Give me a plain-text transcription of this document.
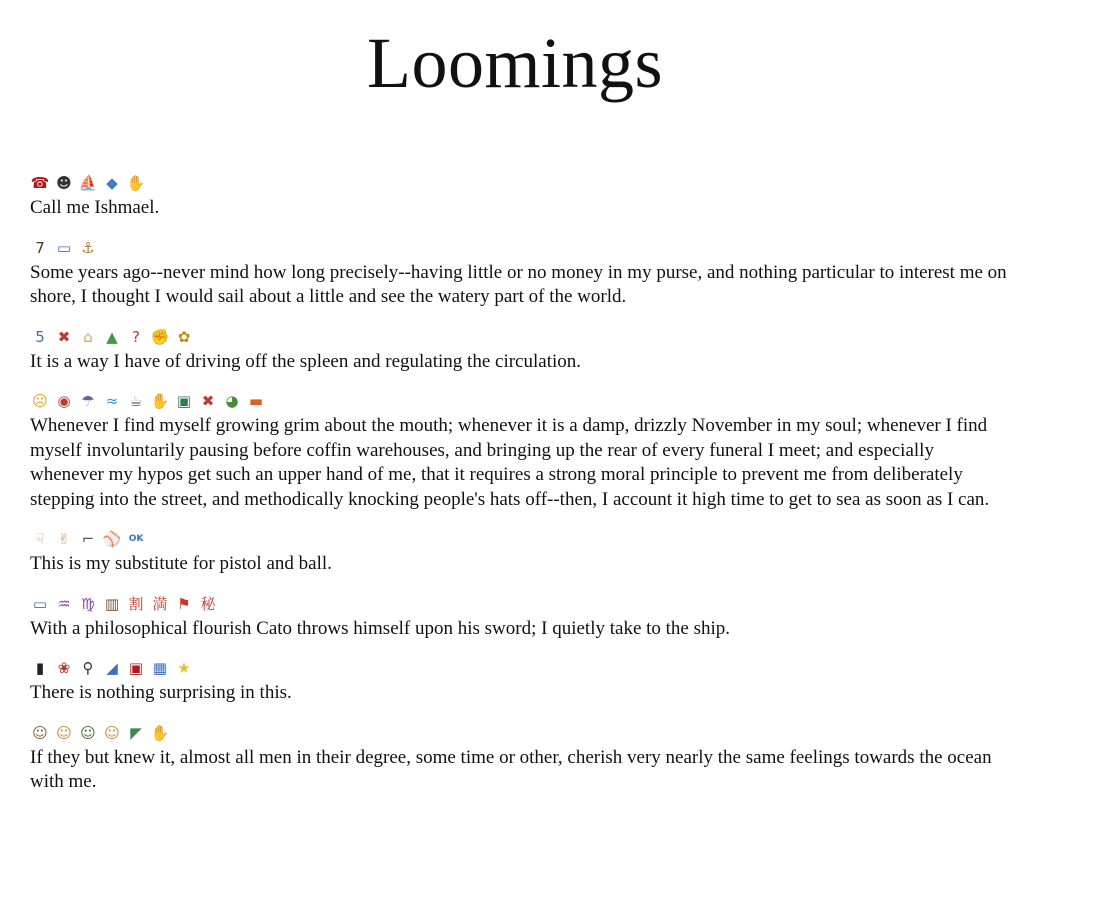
Loomings
☎ ☻ ⛵ ◆ ✋

Call me Ishmael.

7 ▭ ⚓

Some years ago--never mind how long precisely--having little or no money in my purse, and nothing particular to interest me on shore, I thought I would sail about a little and see the watery part of the world.

5 ✖ ⌂ ▲ ? ✊ ✿

It is a way I have of driving off the spleen and regulating the circulation.

☹ ◉ ☂ ≈ ☕ ✋ ▣ ✖ ◕ ▬

Whenever I find myself growing grim about the mouth; whenever it is a damp, drizzly November in my soul; whenever I find myself involuntarily pausing before coffin warehouses, and bringing up the rear of every funeral I meet; and especially whenever my hypos get such an upper hand of me, that it requires a strong moral principle to prevent me from deliberately stepping into the street, and methodically knocking people's hats off--then, I account it high time to get to sea as soon as I can.

☟ ✌ ⌐ ⚾ OK

This is my substitute for pistol and ball.

▭ ♒ ♍ ▥ 割 満 ⚑ 秘

With a philosophical flourish Cato throws himself upon his sword; I quietly take to the ship.

▮ ❀ ⚲ ◢ ▣ ▦ ★

There is nothing surprising in this.

☺ ☺ ☺ ☺ ◤ ✋

If they but knew it, almost all men in their degree, some time or other, cherish very nearly the same feelings towards the ocean with me.
